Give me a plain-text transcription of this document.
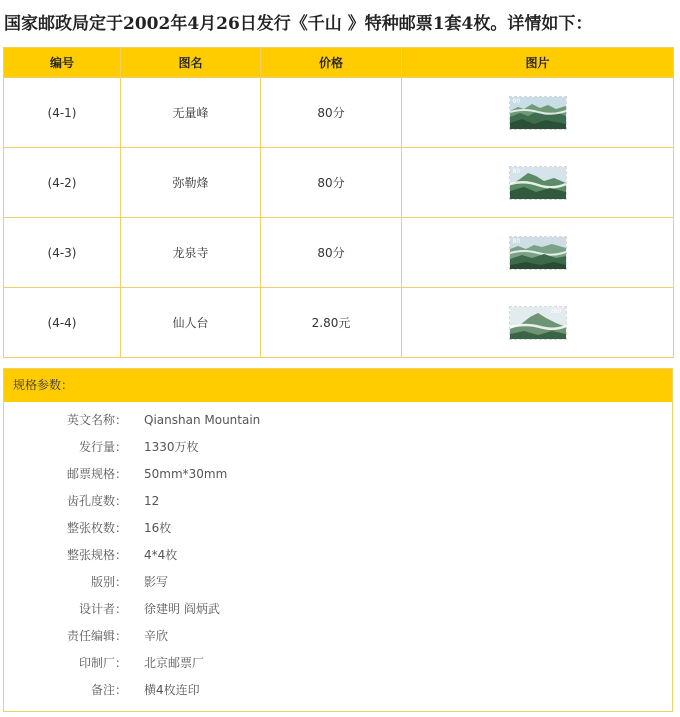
国家邮政局定于2002年4月26日发行《千山 》特种邮票1套4枚。详情如下：
编号	图名	价格	图片
(4-1)	无量峰	80分	80

(4-2)	弥勒烽	80分	80

(4-3)	龙泉寺	80分	80

(4-4)	仙人台	2.80元	280
规格参数：
英文名称： Qianshan Mountain
发行量： 1330万枚
邮票规格： 50mm*30mm
齿孔度数： 12
整张枚数： 16枚
整张规格： 4*4枚
版别： 影写
设计者： 徐建明 阎炳武
责任编辑： 辛欣
印制厂： 北京邮票厂
备注： 横4枚连印
